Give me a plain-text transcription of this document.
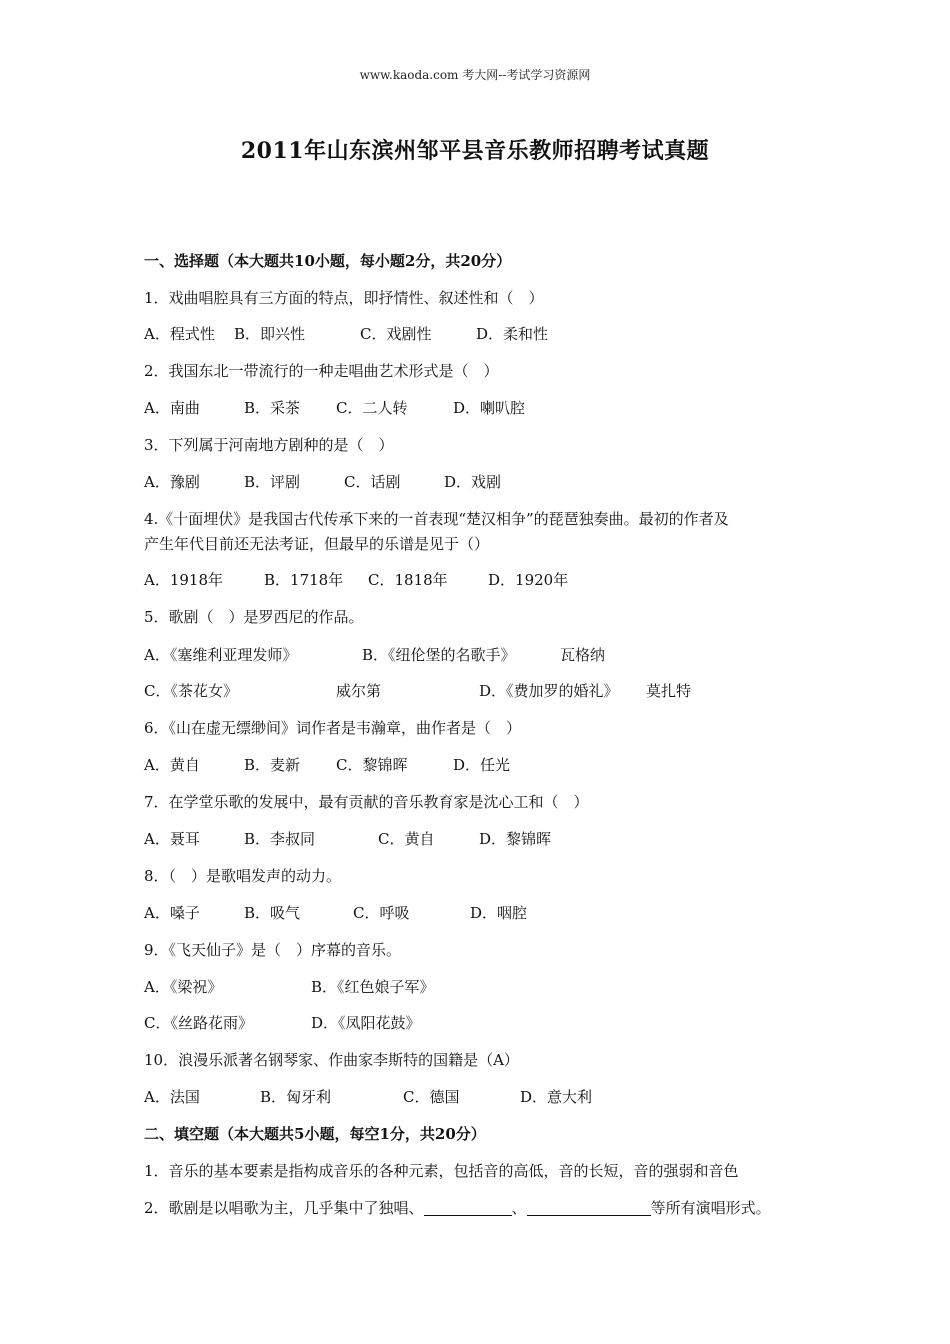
www.kaoda.com 考大网--考试学习资源网
2011年山东滨州邹平县音乐教师招聘考试真题
一、选择题（本大题共10小题，每小题2分，共20分）
1．戏曲唱腔具有三方面的特点，即抒情性、叙述性和（　）
A．程式性 B．即兴性	C．戏剧性	D．柔和性
2．我国东北一带流行的一种走唱曲艺术形式是（　）
A．南曲	B．采茶 C．二人转	D．喇叭腔
3．下列属于河南地方剧种的是（　）
A．豫剧	B．评剧	C．话剧	D．戏剧
4.《十面埋伏》是我国古代传承下来的一首表现“楚汉相争”的琵琶独奏曲。最初的作者及
产生年代目前还无法考证，但最早的乐谱是见于（）
A．1918年	B．1718年 C．1818年	D．1920年
5．歌剧（　）是罗西尼的作品。
A．《塞维利亚理发师》	B．《纽伦堡的名歌手》	瓦格纳
C．《茶花女》	威尔第	D．《费加罗的婚礼》 莫扎特
6．《山在虚无缥缈间》词作者是韦瀚章，曲作者是（　）
A．黄自	B．麦新 C．黎锦晖	D．任光
7．在学堂乐歌的发展中，最有贡献的音乐教育家是沈心工和（　）
A．聂耳	B．李叔同	C．黄自	D．黎锦晖
8．（　）是歌唱发声的动力。
A．嗓子	B．吸气	C．呼吸	D．咽腔
9．《飞天仙子》是（　）序幕的音乐。
A．《梁祝》	B．《红色娘子军》
C．《丝路花雨》	D．《凤阳花鼓》
10．浪漫乐派著名钢琴家、作曲家李斯特的国籍是（A）
A．法国	B．匈牙利	C．德国	D．意大利
二、填空题（本大题共5小题，每空1分，共20分）
1．音乐的基本要素是指构成音乐的各种元素，包括音的高低，音的长短，音的强弱和音色
2．歌剧是以唱歌为主，几乎集中了独唱、	、	等所有演唱形式。
